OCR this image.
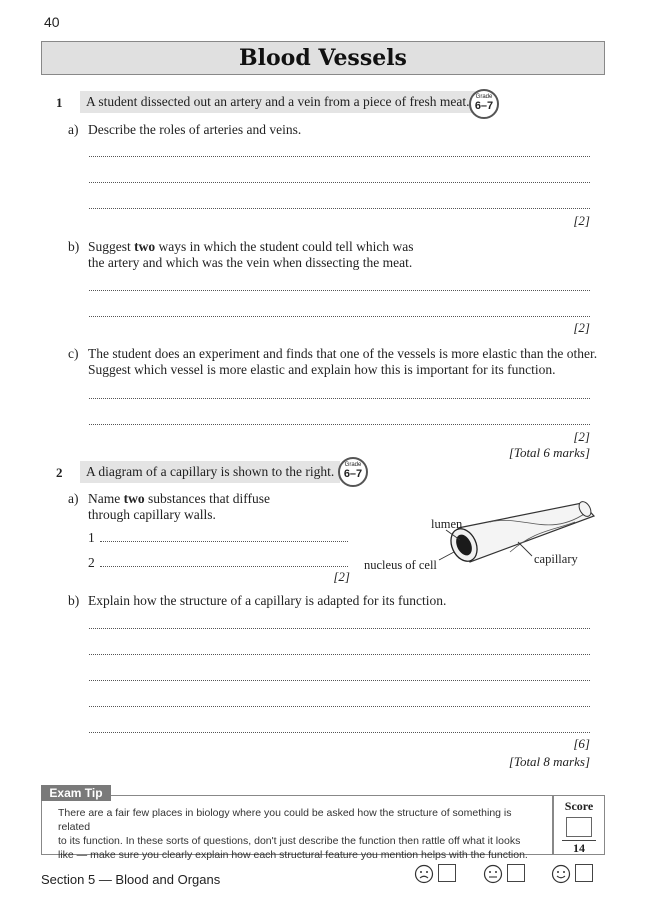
40
Blood Vessels
1	A student dissected out an artery and a vein from a piece of fresh meat.	Grade
6–7
a) Describe the roles of arteries and veins.
[2]
b) Suggest two ways in which the student could tell which was
the artery and which was the vein when dissecting the meat.
[2]
c) The student does an experiment and finds that one of the vessels is more elastic than the other.
Suggest which vessel is more elastic and explain how this is important for its function.
[2]
[Total 6 marks]
2	A diagram of a capillary is shown to the right.	Grade
6–7
a) Name two substances that diffuse
through capillary walls.
1
2
[2]
lumen
capillary
nucleus of cell
b) Explain how the structure of a capillary is adapted for its function.
[6]
[Total 8 marks]
Exam Tip
There are a fair few places in biology where you could be asked how the structure of something is related
to its function. In these sorts of questions, don't just describe the function then rattle off what it looks
like — make sure you clearly explain how each structural feature you mention helps with the function.
Score
14
Section 5 — Blood and Organs
